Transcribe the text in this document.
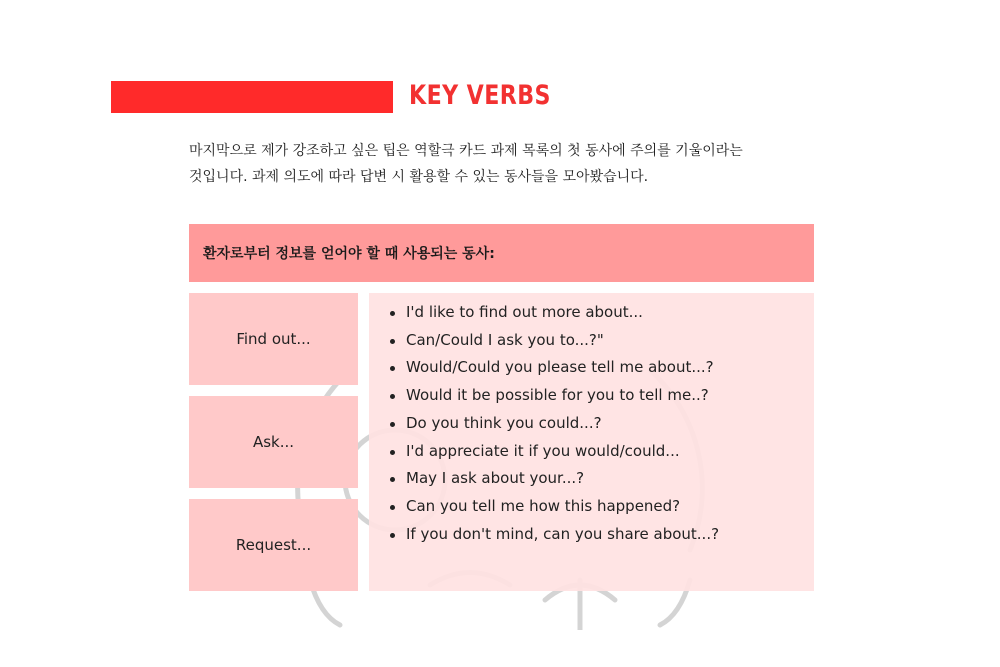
KEY VERBS

마지막으로 제가 강조하고 싶은 팁은 역할극 카드 과제 목록의 첫 동사에 주의를 기울이라는

것입니다. 과제 의도에 따라 답변 시 활용할 수 있는 동사들을 모아봤습니다.

환자로부터 정보를 얻어야 할 때 사용되는 동사:
Find out...
Ask...
Request...
I'd like to find out more about...
Can/Could I ask you to...?"
Would/Could you please tell me about...?
Would it be possible for you to tell me..?
Do you think you could...?
I'd appreciate it if you would/could...
May I ask about your...?
Can you tell me how this happened?
If you don't mind, can you share about...?
